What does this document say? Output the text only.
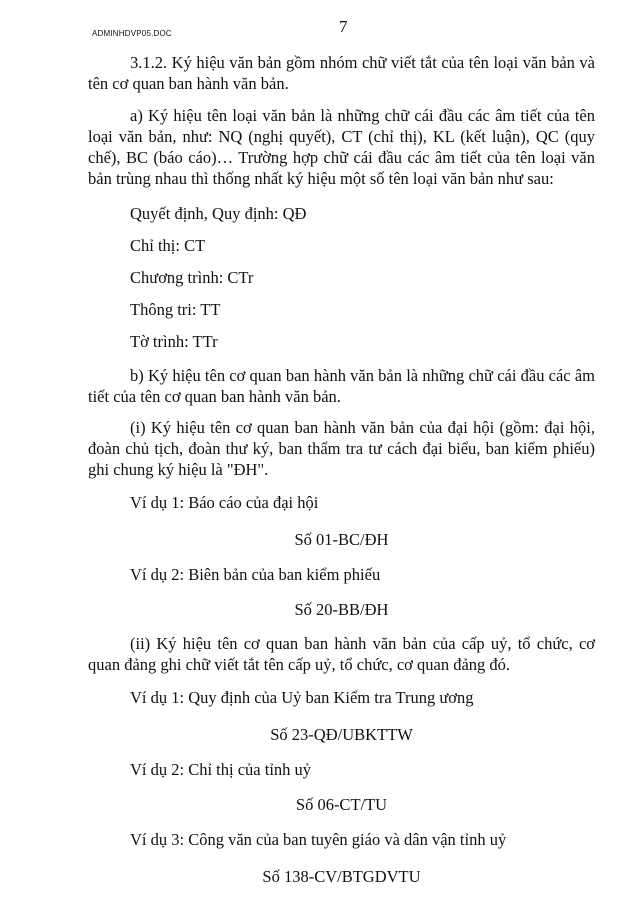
ADMINHDVP05.DOC	7

3.1.2. Ký hiệu văn bản gồm nhóm chữ viết tắt của tên loại văn bản và tên cơ quan ban hành văn bản.

a) Ký hiệu tên loại văn bản là những chữ cái đầu các âm tiết của tên loại văn bản, như: NQ (nghị quyết), CT (chỉ thị), KL (kết luận), QC (quy chế), BC (báo cáo)… Trường hợp chữ cái đầu các âm tiết của tên loại văn bản trùng nhau thì thống nhất ký hiệu một số tên loại văn bản như sau:

Quyết định, Quy định: QĐ

Chỉ thị: CT

Chương trình: CTr

Thông tri: TT

Tờ trình: TTr

b) Ký hiệu tên cơ quan ban hành văn bản là những chữ cái đầu các âm tiết của tên cơ quan ban hành văn bản.

(i) Ký hiệu tên cơ quan ban hành văn bản của đại hội (gồm: đại hội, đoàn chủ tịch, đoàn thư ký, ban thẩm tra tư cách đại biểu, ban kiểm phiếu) ghi chung ký hiệu là "ĐH".

Ví dụ 1: Báo cáo của đại hội

Số 01-BC/ĐH

Ví dụ 2: Biên bản của ban kiểm phiếu

Số 20-BB/ĐH

(ii) Ký hiệu tên cơ quan ban hành văn bản của cấp uỷ, tổ chức, cơ quan đảng ghi chữ viết tắt tên cấp uỷ, tổ chức, cơ quan đảng đó.

Ví dụ 1: Quy định của Uỷ ban Kiểm tra Trung ương

Số 23-QĐ/UBKTTW

Ví dụ 2: Chỉ thị của tỉnh uỷ

Số 06-CT/TU

Ví dụ 3: Công văn của ban tuyên giáo và dân vận tỉnh uỷ

Số 138-CV/BTGDVTU
